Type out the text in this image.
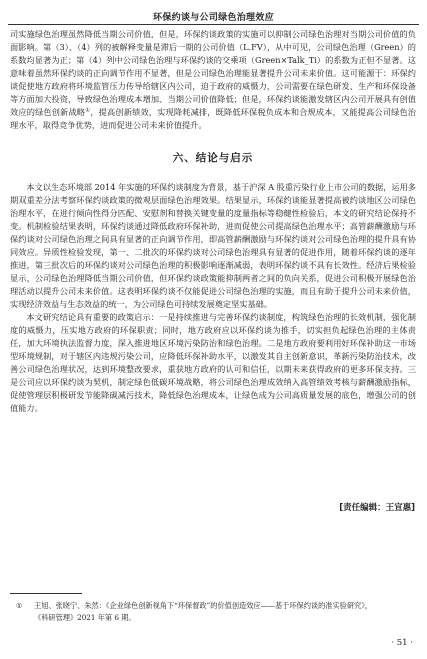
环保约谈与公司绿色治理效应

司实施绿色治理虽然降低当期公司价值，但是，环保约谈政策的实施可以抑制公司绿色治理对当期公司价值的负面影响。第（3）、（4）列的被解释变量是滞后一期的公司价值（L.FV），从中可见，公司绿色治理（Green）的系数均显著为正；第（4）列中公司绿色治理与环保约谈的交乘项（Green×Talk_Ti）的系数为正但不显著。这意味着虽然环保约谈的正向调节作用不显著，但是公司绿色治理能显著提升公司未来价值。这可能源于：环保约谈促使地方政府将环境监管压力传导给辖区内公司，迫于政府的威慑力，公司需要在绿色研发、生产和环保设备等方面加大投资，导致绿色治理成本增加、当期公司价值降低；但是，环保约谈能激发辖区内公司开展具有创值效应的绿色创新战略①，提高创新绩效，实现降耗减排，既降低环保税负成本和合规成本，又能提高公司绿色治理水平，取得竞争优势，进而促进公司未来价值提升。

六、结论与启示

本文以生态环境部 2014 年实施的环保约谈制度为背景，基于沪深 A 股重污染行业上市公司的数据，运用多期双重差分法考察环保约谈政策的微观层面绿色治理效果。结果显示，环保约谈能显著提高被约谈地区公司绿色治理水平，在进行倾向性得分匹配、安慰剂和替换关键变量的度量指标等稳健性检验后，本文的研究结论保持不变。机制检验结果表明，环保约谈通过降低政府环保补助，进而促使公司提高绿色治理水平；高管薪酬激励与环保约谈对公司绿色治理之间具有显著的正向调节作用，即高管薪酬激励与环保约谈对公司绿色治理的提升具有协同效应。异质性检验发现，第一、二批次的环保约谈对公司绿色治理具有显著的促进作用，随着环保约谈的逐年推进，第三批次后的环保约谈对公司绿色治理的积极影响逐渐减弱，表明环保约谈不具有长效性。经济后果检验显示，公司绿色治理降低当期公司价值，但环保约谈政策能抑制两者之间的负向关系，促进公司积极开展绿色治理活动以提升公司未来价值。这表明环保约谈不仅能促进公司绿色治理的实施，而且有助于提升公司未来价值，实现经济效益与生态效益的统一，为公司绿色可持续发展奠定坚实基础。

本文研究结论具有重要的政策启示：一是持续推进与完善环保约谈制度，构筑绿色治理的长效机制，强化制度的威慑力，压实地方政府的环保职责；同时，地方政府应以环保约谈为推手，切实担负起绿色治理的主体责任，加大环境执法监督力度，深入推进地区环境污染防治和绿色治理。二是地方政府要利用好环保补助这一市场型环境规制，对于辖区内违规污染公司，应降低环保补助水平，以激发其自主创新意识，革新污染防治技术，改善公司绿色治理状况，达到环境整改要求，重获地方政府的认可和信任，以期未来获得政府的更多环保支持。三是公司应以环保约谈为契机，制定绿色低碳环境战略，将公司绿色治理成效纳入高管绩效考核与薪酬激励指标，促使管理层积极研发节能降碳减污技术，降低绿色治理成本，让绿色成为公司高质量发展的底色，增强公司的创值能力。

[责任编辑：王宣惠]
① 王旭、张晓宁、朱然：《企业绿色创新视角下“环保督政”的价值创造效应——基于环保约谈的准实验研究》，
《科研管理》2021 年第 6 期。
· 51 ·
